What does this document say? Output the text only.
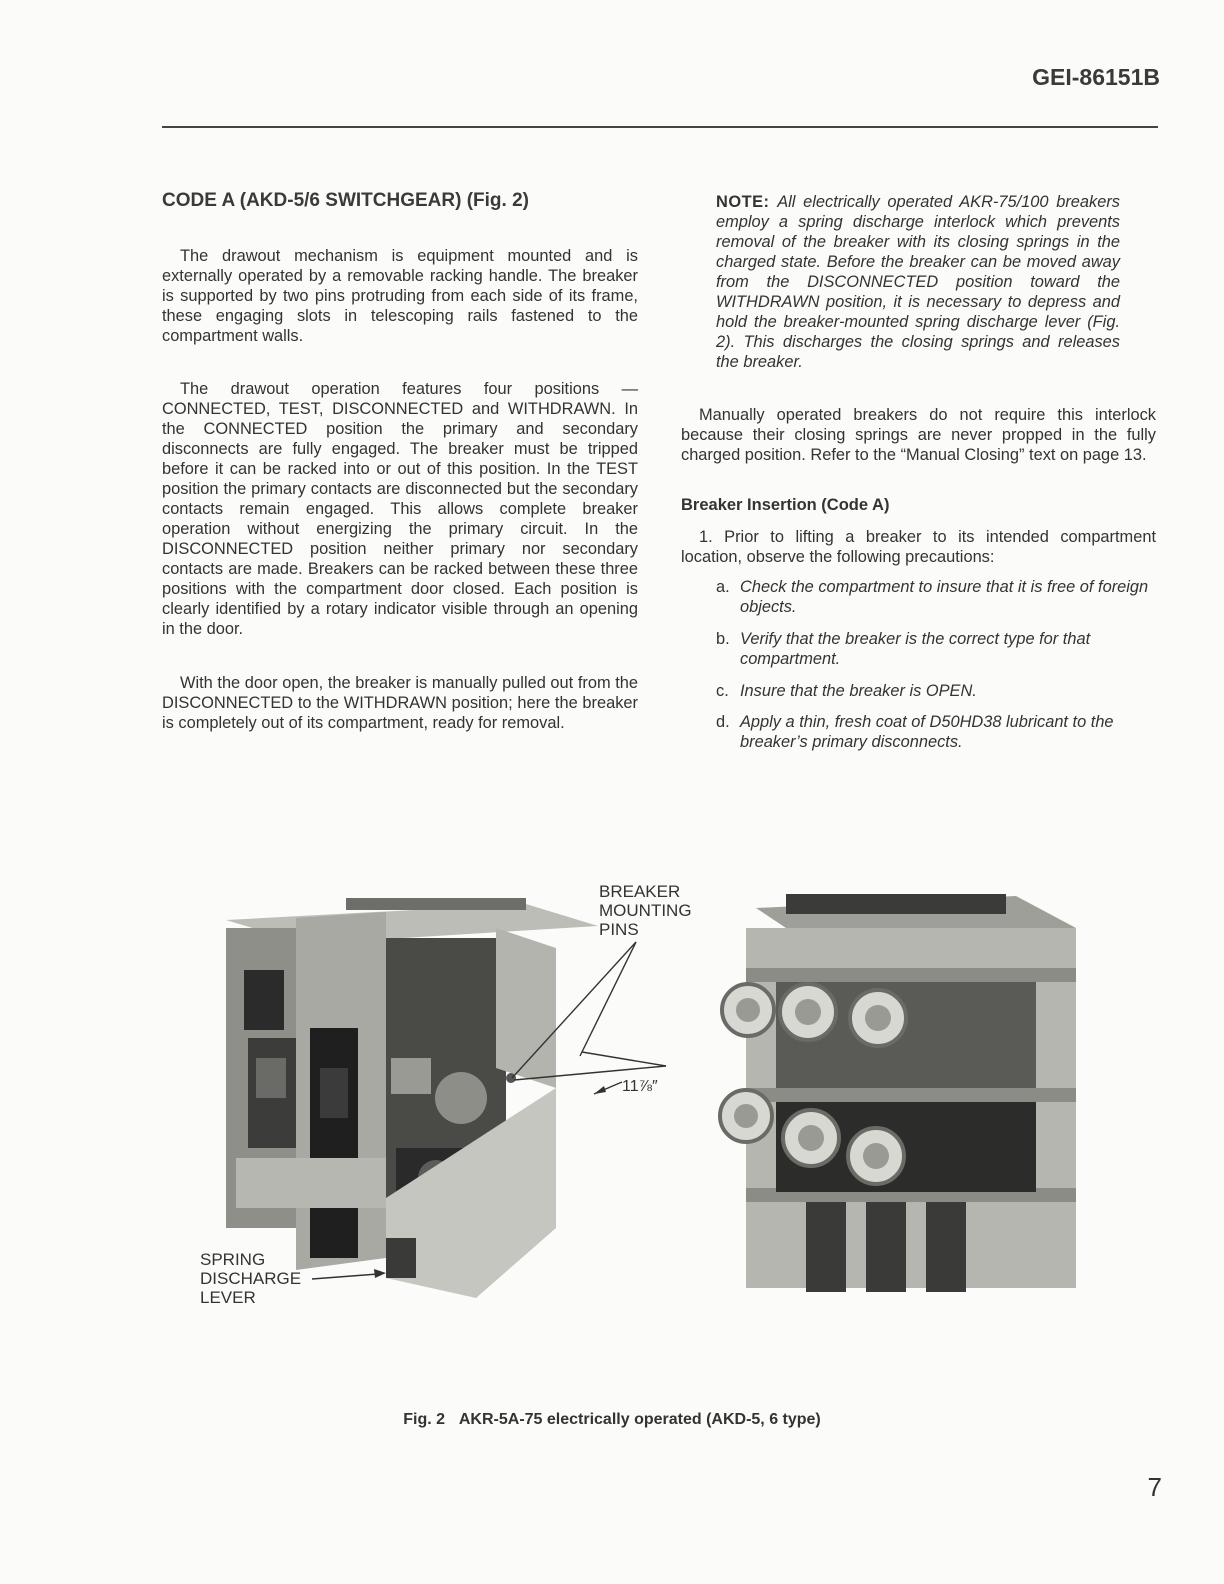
GEI-86151B
CODE A (AKD-5/6 SWITCHGEAR) (Fig. 2)
The drawout mechanism is equipment mounted and is externally operated by a removable racking handle. The breaker is supported by two pins protruding from each side of its frame, these engaging slots in telescoping rails fastened to the compartment walls.
The drawout operation features four positions — CONNECTED, TEST, DISCONNECTED and WITHDRAWN. In the CONNECTED position the primary and secondary disconnects are fully engaged. The breaker must be tripped before it can be racked into or out of this position. In the TEST position the primary contacts are disconnected but the secondary contacts remain engaged. This allows complete breaker operation without energizing the primary circuit. In the DISCONNECTED position neither primary nor secondary contacts are made. Breakers can be racked between these three positions with the compartment door closed. Each position is clearly identified by a rotary indicator visible through an opening in the door.
With the door open, the breaker is manually pulled out from the DISCONNECTED to the WITHDRAWN position; here the breaker is completely out of its compartment, ready for removal.
NOTE: All electrically operated AKR-75/100 breakers employ a spring discharge interlock which prevents removal of the breaker with its closing springs in the charged state. Before the breaker can be moved away from the DISCONNECTED position toward the WITHDRAWN position, it is necessary to depress and hold the breaker-mounted spring discharge lever (Fig. 2). This discharges the closing springs and releases the breaker.
Manually operated breakers do not require this interlock because their closing springs are never propped in the fully charged position. Refer to the “Manual Closing” text on page 13.
Breaker Insertion (Code A)
1. Prior to lifting a breaker to its intended compartment location, observe the following precautions:
a. Check the compartment to insure that it is free of foreign objects.
b. Verify that the breaker is the correct type for that compartment.
c. Insure that the breaker is OPEN.
d. Apply a thin, fresh coat of D50HD38 lubricant to the breaker’s primary disconnects.
BREAKER
MOUNTING
PINS
11⅞″
SPRING
DISCHARGE
LEVER
Fig. 2 AKR-5A-75 electrically operated (AKD-5, 6 type)
7
